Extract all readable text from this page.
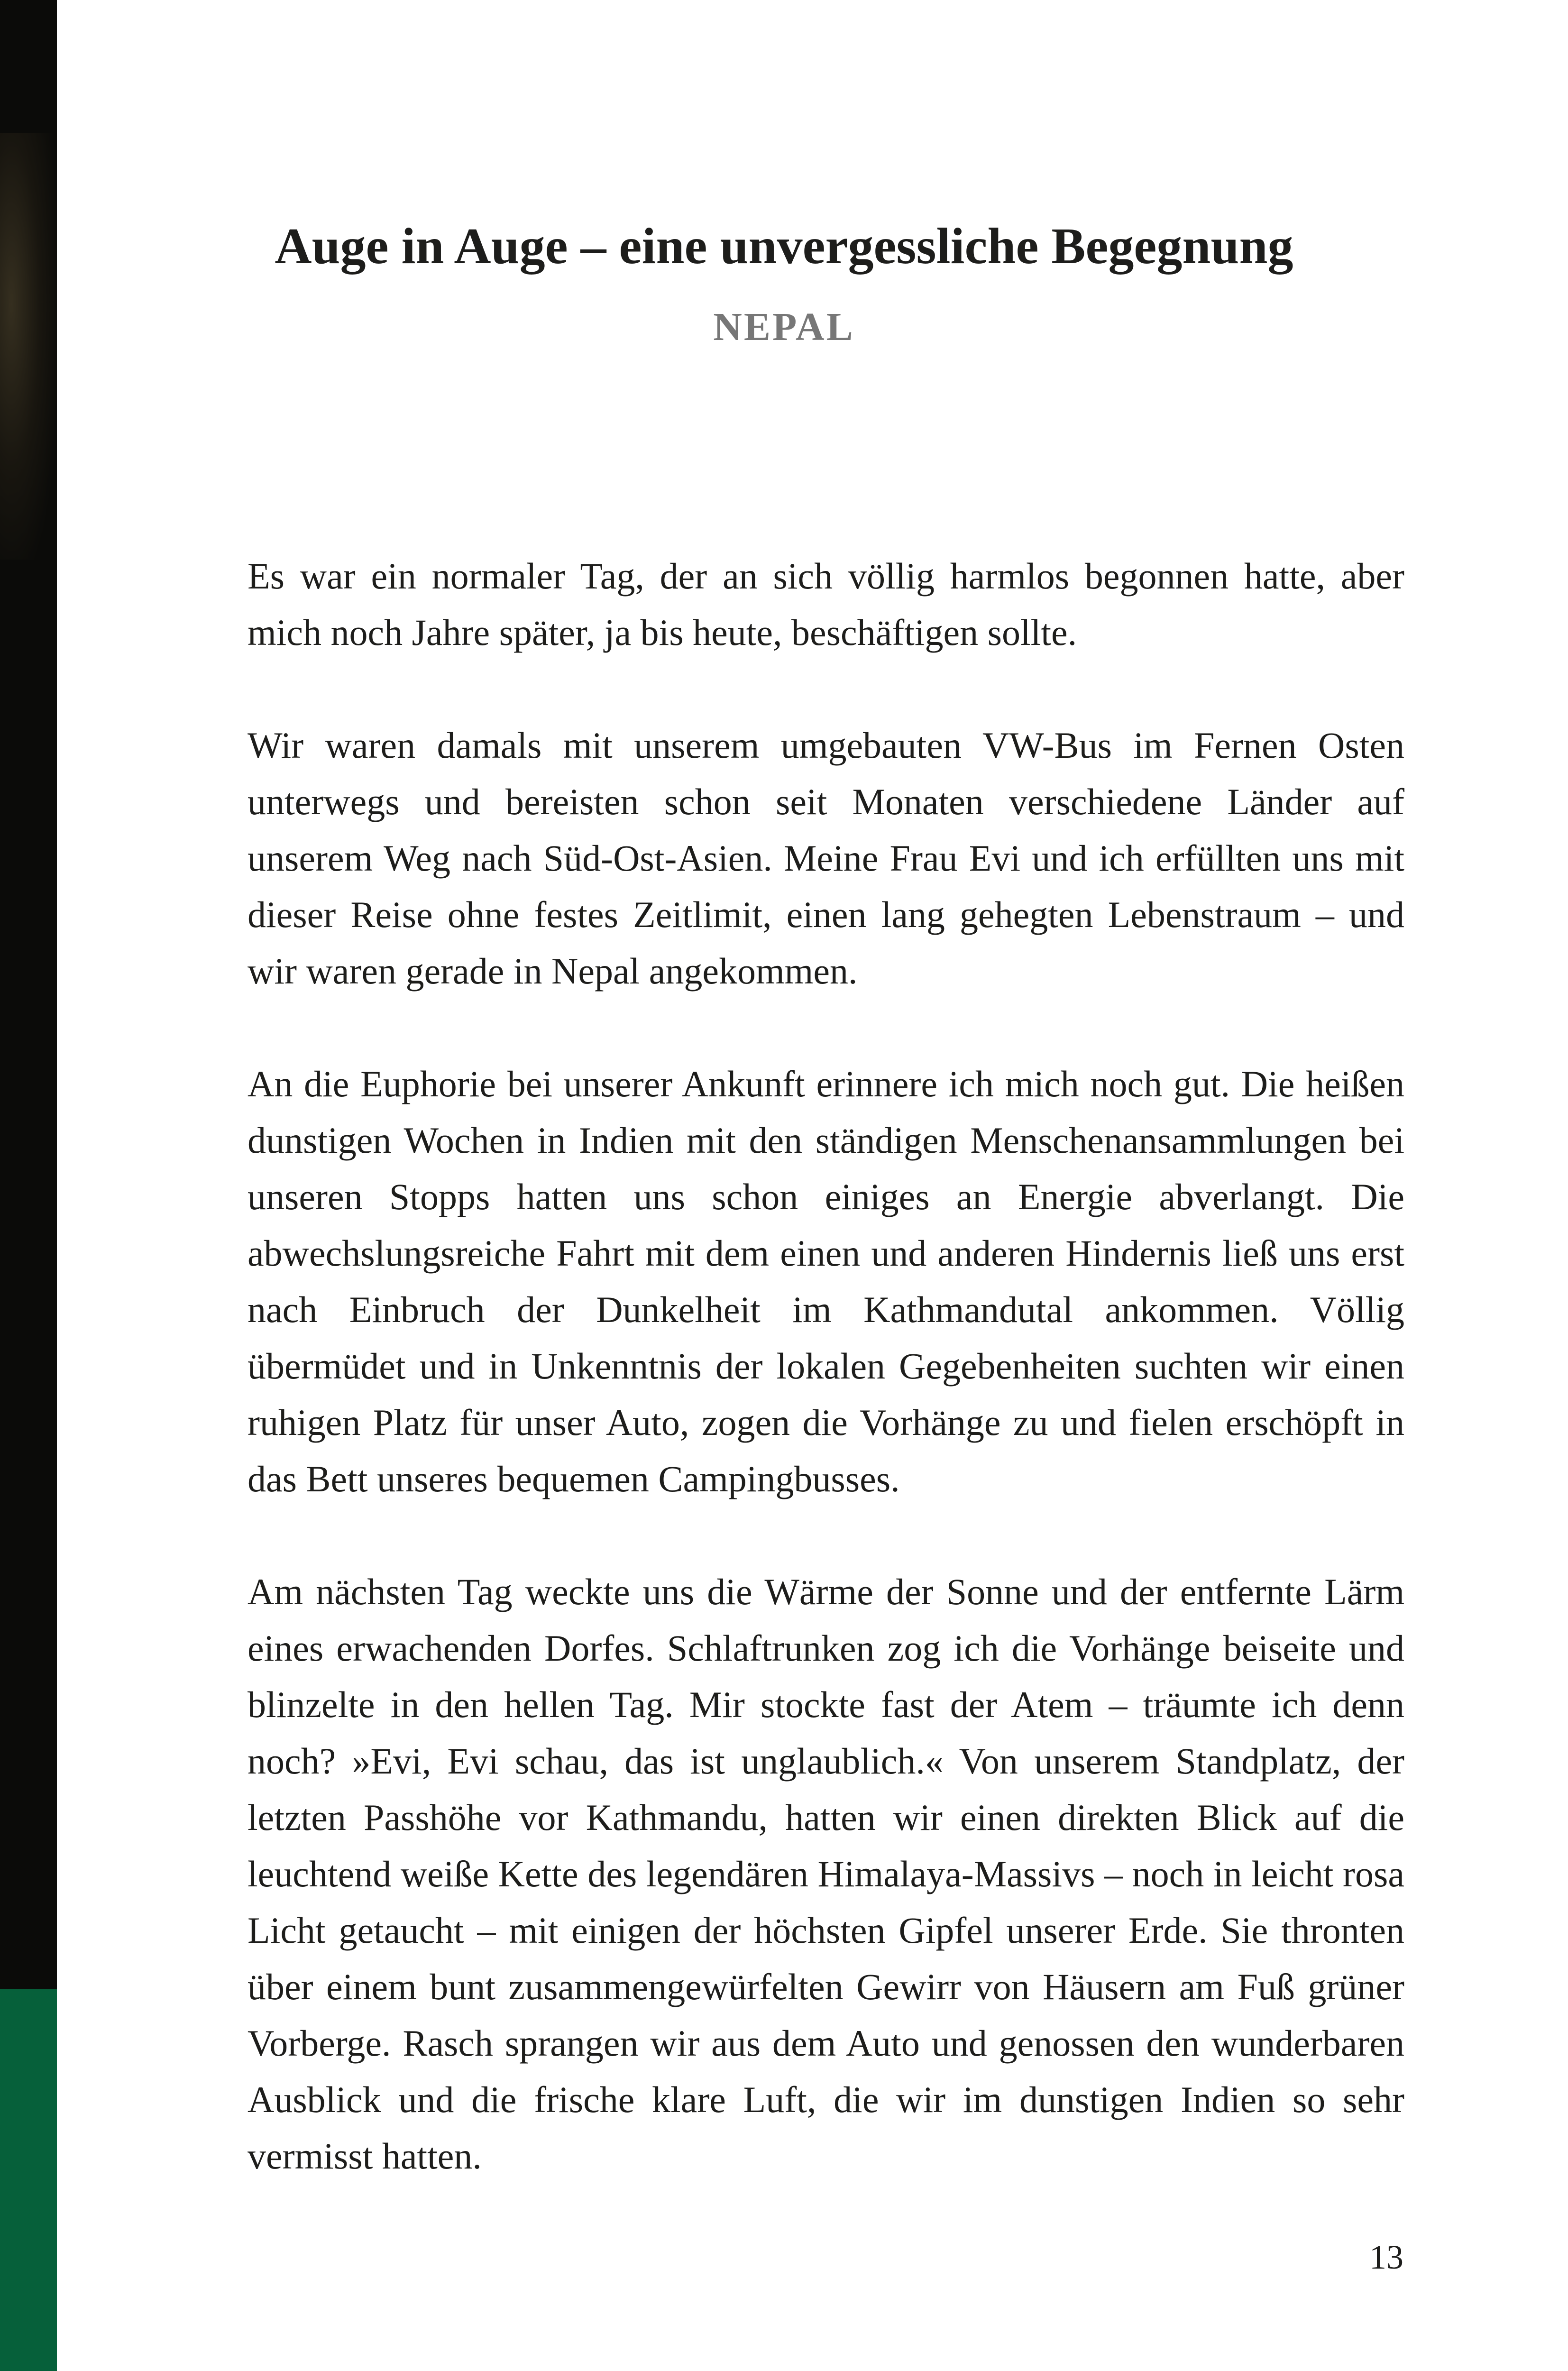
Auge in Auge – eine unvergessliche Begegnung
NEPAL

Es war ein normaler Tag, der an sich völlig harmlos begonnen hatte, aber mich noch Jahre später, ja bis heute, beschäftigen sollte.

Wir waren damals mit unserem umgebauten VW-Bus im Fernen Osten unterwegs und bereisten schon seit Monaten verschiedene Länder auf unserem Weg nach Süd-Ost-Asien. Meine Frau Evi und ich erfüllten uns mit dieser Reise ohne festes Zeitlimit, einen lang gehegten Lebenstraum – und wir waren gerade in Nepal angekommen.

An die Euphorie bei unserer Ankunft erinnere ich mich noch gut. Die heißen dunstigen Wochen in Indien mit den ständigen Menschenansammlungen bei unseren Stopps hatten uns schon einiges an Energie abverlangt. Die abwechslungsreiche Fahrt mit dem einen und anderen Hindernis ließ uns erst nach Einbruch der Dunkelheit im Kathmandutal ankommen. Völlig übermüdet und in Unkenntnis der lokalen Gegebenheiten suchten wir einen ruhigen Platz für unser Auto, zogen die Vorhänge zu und fielen erschöpft in das Bett unseres bequemen Campingbusses.

Am nächsten Tag weckte uns die Wärme der Sonne und der entfernte Lärm eines erwachenden Dorfes. Schlaftrunken zog ich die Vorhänge beiseite und blinzelte in den hellen Tag. Mir stockte fast der Atem – träumte ich denn noch? »Evi, Evi schau, das ist unglaublich.« Von unserem Standplatz, der letzten Passhöhe vor Kathmandu, hatten wir einen direkten Blick auf die leuchtend weiße Kette des legendären Himalaya-Massivs – noch in leicht rosa Licht getaucht – mit einigen der höchsten Gipfel unserer Erde. Sie thronten über einem bunt zusammengewürfelten Gewirr von Häusern am Fuß grüner Vorberge. Rasch sprangen wir aus dem Auto und genossen den wunderbaren Ausblick und die frische klare Luft, die wir im dunstigen Indien so sehr vermisst hatten.

13
